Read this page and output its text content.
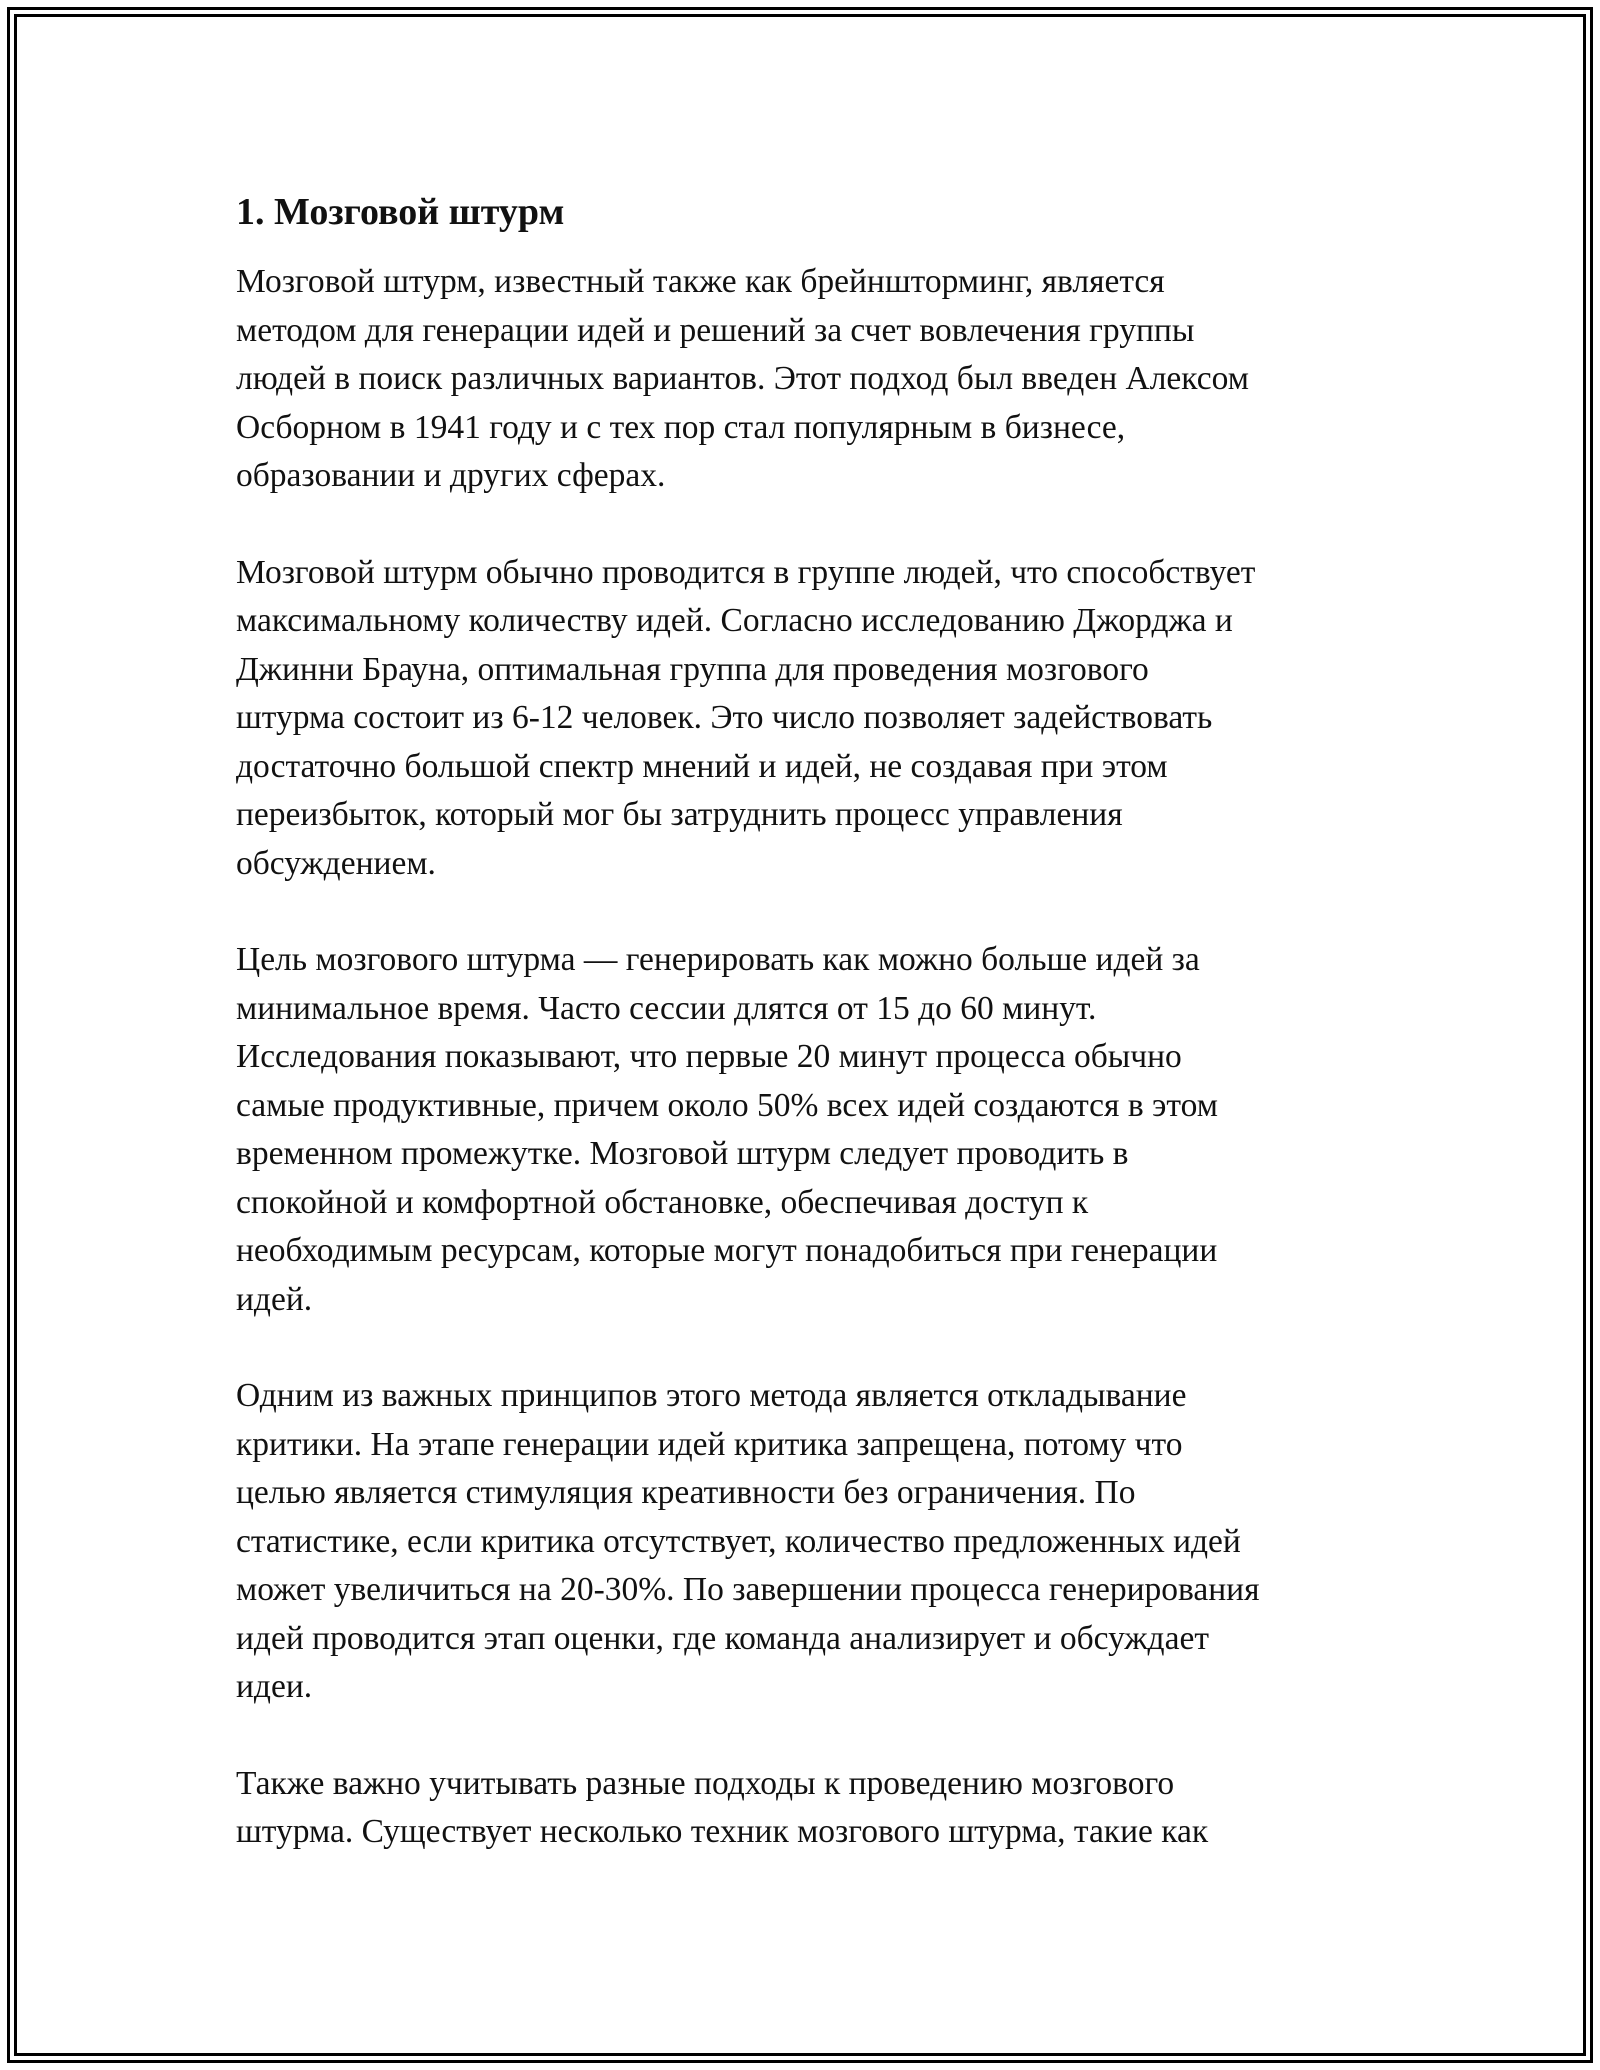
1. Мозговой штурм
Мозговой штурм, известный также как брейншторминг, является
методом для генерации идей и решений за счет вовлечения группы
людей в поиск различных вариантов. Этот подход был введен Алексом
Осборном в 1941 году и с тех пор стал популярным в бизнесе,
образовании и других сферах.
Мозговой штурм обычно проводится в группе людей, что способствует
максимальному количеству идей. Согласно исследованию Джорджа и
Джинни Брауна, оптимальная группа для проведения мозгового
штурма состоит из 6-12 человек. Это число позволяет задействовать
достаточно большой спектр мнений и идей, не создавая при этом
переизбыток, который мог бы затруднить процесс управления
обсуждением.
Цель мозгового штурма — генерировать как можно больше идей за
минимальное время. Часто сессии длятся от 15 до 60 минут.
Исследования показывают, что первые 20 минут процесса обычно
самые продуктивные, причем около 50% всех идей создаются в этом
временном промежутке. Мозговой штурм следует проводить в
спокойной и комфортной обстановке, обеспечивая доступ к
необходимым ресурсам, которые могут понадобиться при генерации
идей.
Одним из важных принципов этого метода является откладывание
критики. На этапе генерации идей критика запрещена, потому что
целью является стимуляция креативности без ограничения. По
статистике, если критика отсутствует, количество предложенных идей
может увеличиться на 20-30%. По завершении процесса генерирования
идей проводится этап оценки, где команда анализирует и обсуждает
идеи.
Также важно учитывать разные подходы к проведению мозгового
штурма. Существует несколько техник мозгового штурма, такие как
